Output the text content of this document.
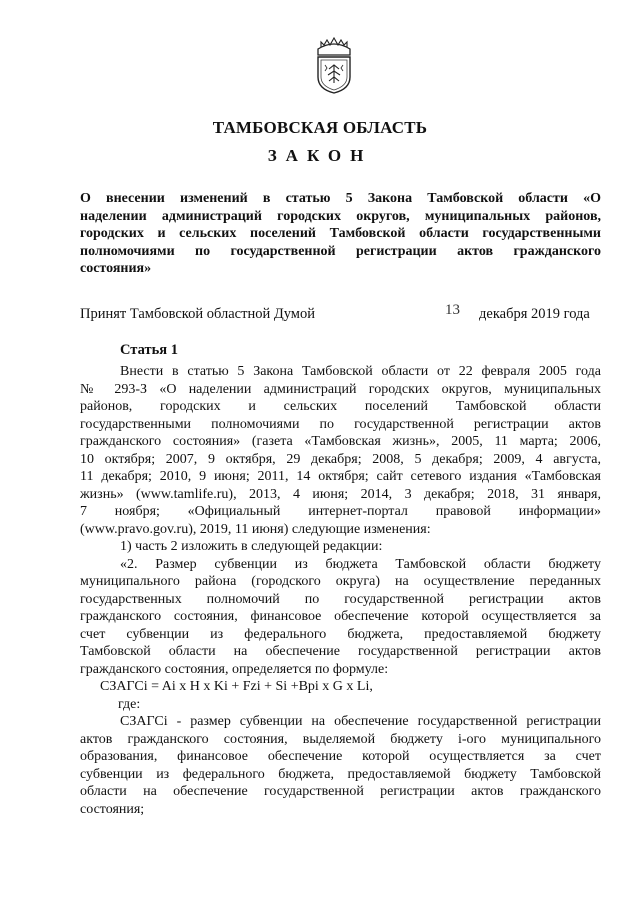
ТАМБОВСКАЯ ОБЛАСТЬ
ЗАКОН
О внесении изменений в статью 5 Закона Тамбовской области «О
наделении администраций городских округов, муниципальных районов,
городских и сельских поселений Тамбовской области государственными
полномочиями по государственной регистрации актов гражданского
состояния»
Принят Тамбовской областной Думой	13 декабря 2019 года
Статья 1
Внести в статью 5 Закона Тамбовской области от 22 февраля 2005 года
№ 293-З «О наделении администраций городских округов, муниципальных
районов, городских и сельских поселений Тамбовской области
государственными полномочиями по государственной регистрации актов
гражданского состояния» (газета «Тамбовская жизнь», 2005, 11 марта; 2006,
10 октября; 2007, 9 октября, 29 декабря; 2008, 5 декабря; 2009, 4 августа,
11 декабря; 2010, 9 июня; 2011, 14 октября; сайт сетевого издания «Тамбовская
жизнь» (www.tamlife.ru), 2013, 4 июня; 2014, 3 декабря; 2018, 31 января,
7 ноября; «Официальный интернет-портал правовой информации»
(www.pravo.gov.ru), 2019, 11 июня) следующие изменения:
1) часть 2 изложить в следующей редакции:
«2. Размер субвенции из бюджета Тамбовской области бюджету
муниципального района (городского округа) на осуществление переданных
государственных полномочий по государственной регистрации актов
гражданского состояния, финансовое обеспечение которой осуществляется за
счет субвенции из федерального бюджета, предоставляемой бюджету
Тамбовской области на обеспечение государственной регистрации актов
гражданского состояния, определяется по формуле:
СЗАГСi = Ai x H x Ki + Fzi + Si +Bpi x G x Li,
где:
СЗАГСi - размер субвенции на обеспечение государственной регистрации
актов гражданского состояния, выделяемой бюджету i-ого муниципального
образования, финансовое обеспечение которой осуществляется за счет
субвенции из федерального бюджета, предоставляемой бюджету Тамбовской
области на обеспечение государственной регистрации актов гражданского
состояния;
